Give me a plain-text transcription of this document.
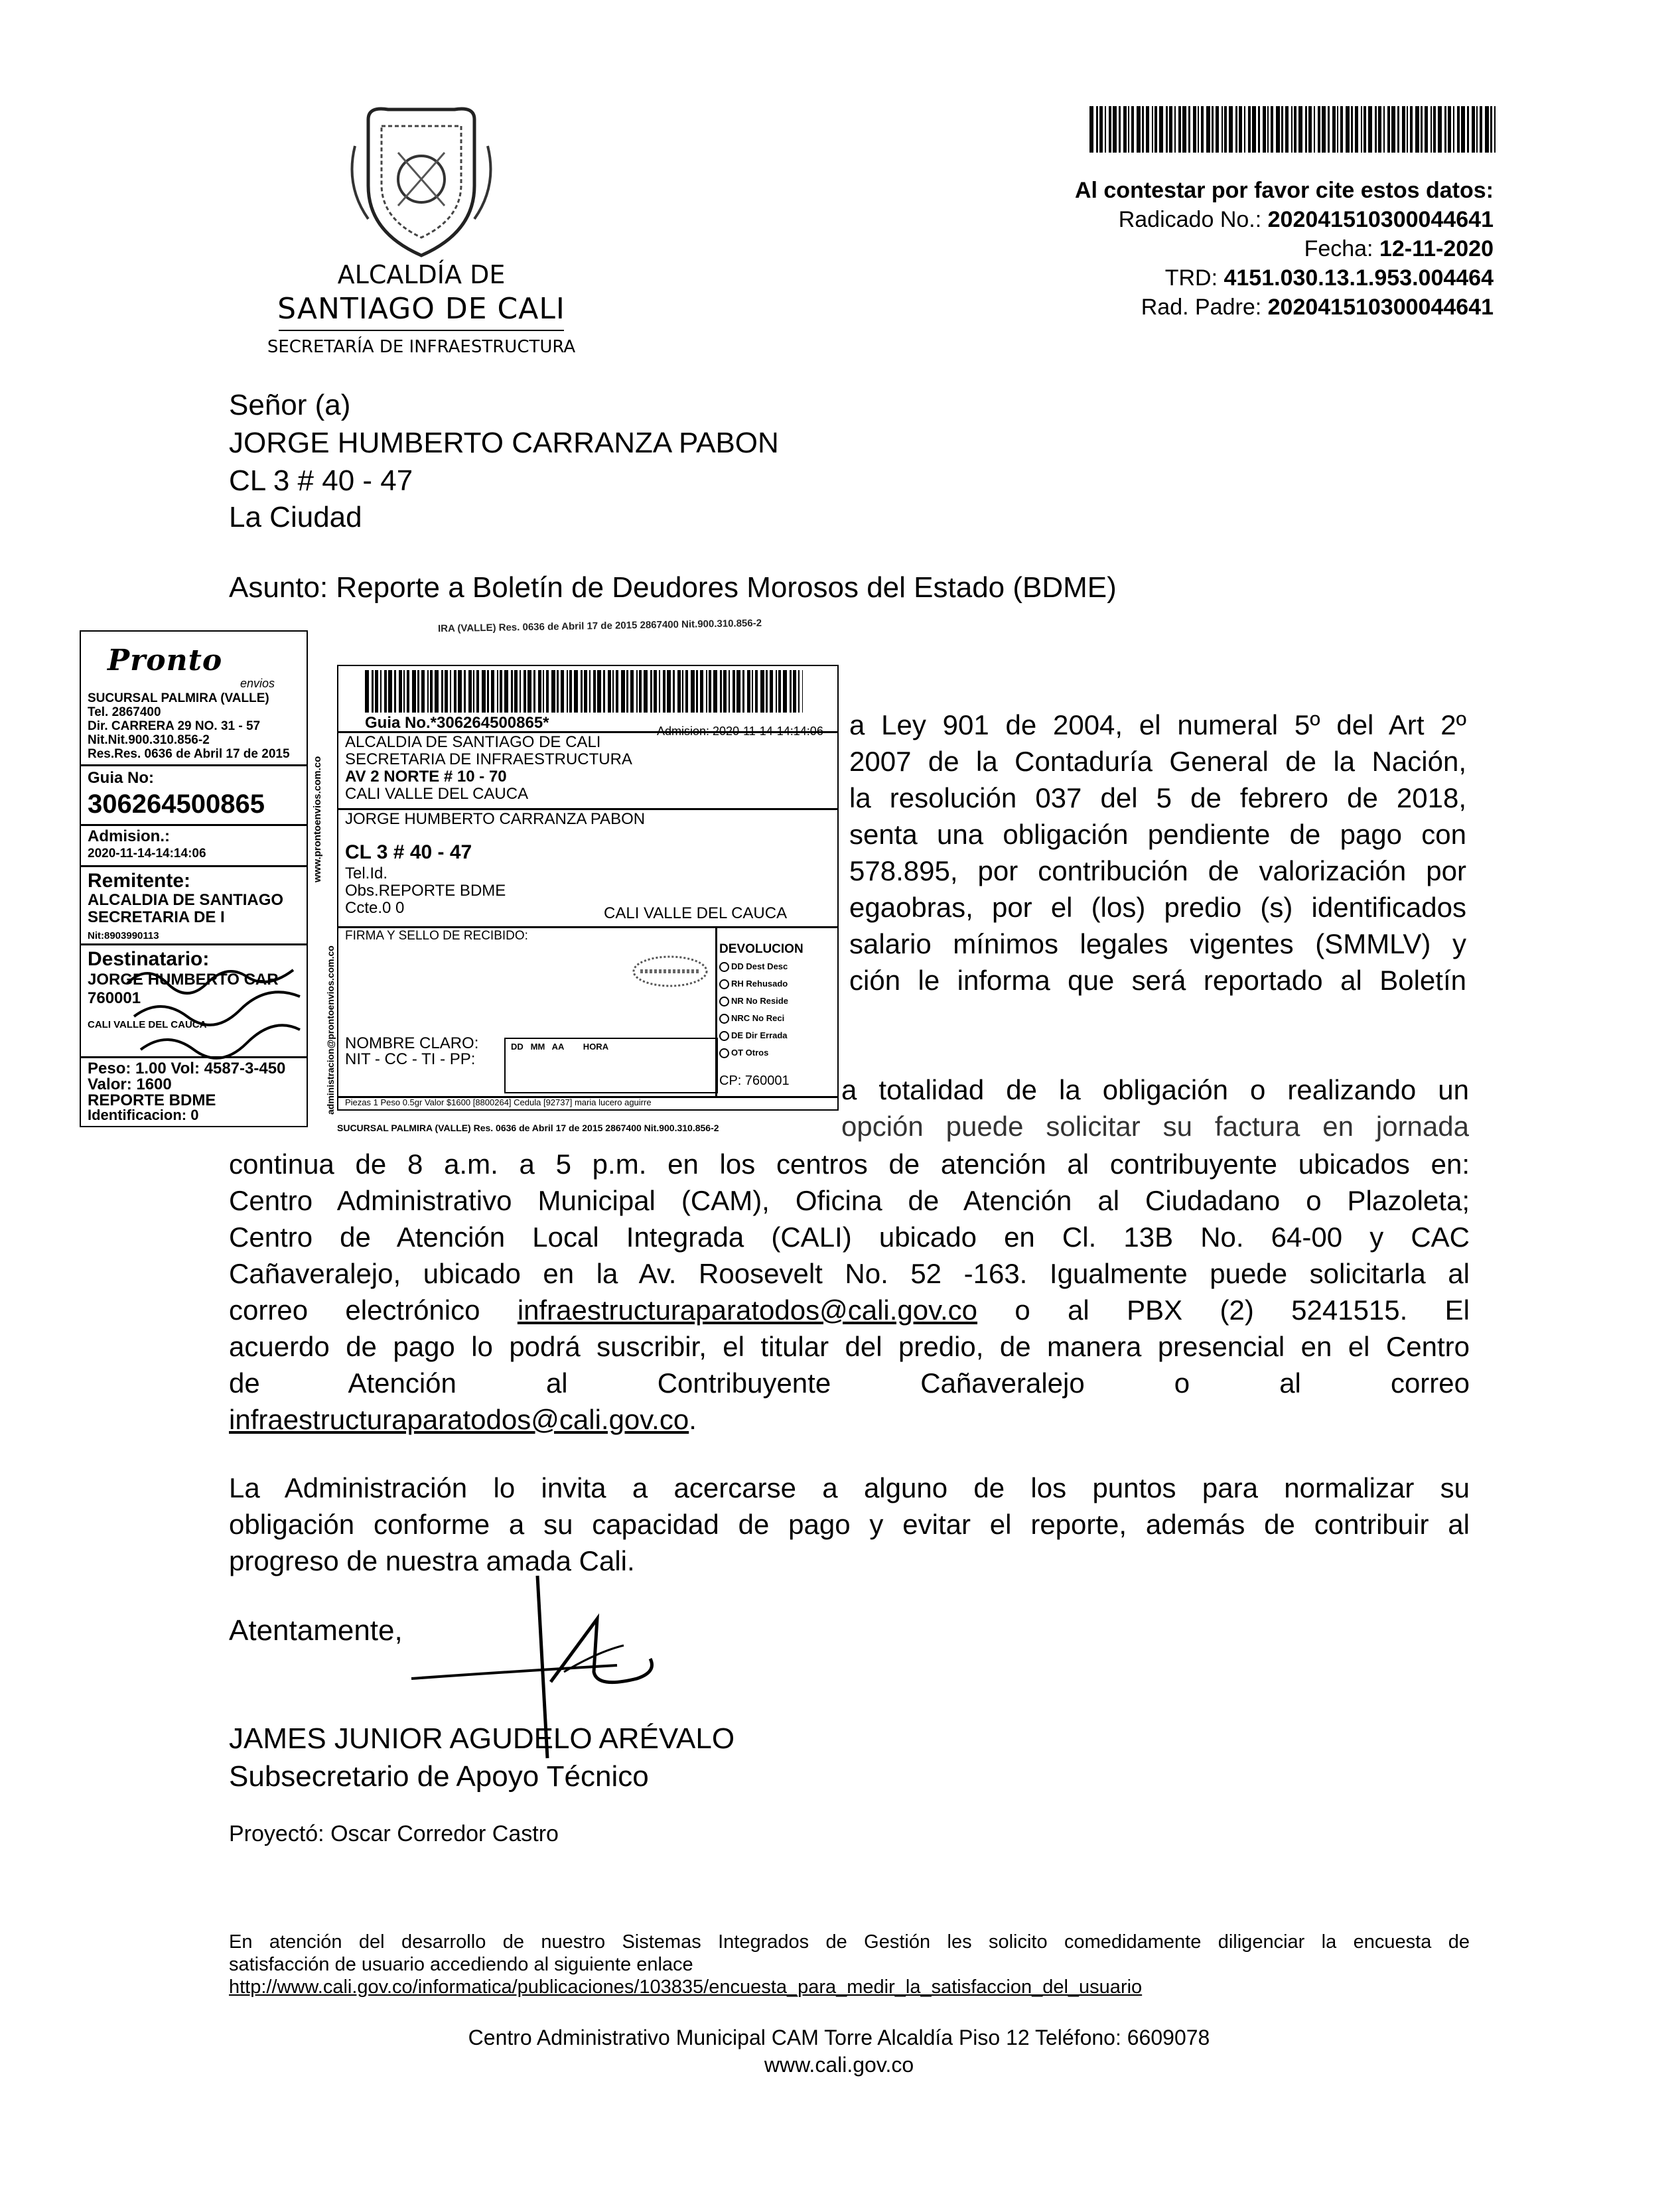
ALCALDÍA DE
SANTIAGO DE CALI
SECRETARÍA DE INFRAESTRUCTURA
Al contestar por favor cite estos datos:
Radicado No.: 202041510300044641
Fecha: 12-11-2020
TRD: 4151.030.13.1.953.004464
Rad. Padre: 202041510300044641
Señor (a)
JORGE HUMBERTO CARRANZA PABON
CL 3 # 40 - 47
La Ciudad
Asunto: Reporte a Boletín de Deudores Morosos del Estado (BDME)
a Ley 901 de 2004, el numeral 5º del Art 2º
2007 de la Contaduría General de la Nación,
la resolución 037 del 5 de febrero de 2018,
senta una obligación pendiente de pago con
578.895, por contribución de valorización por
egaobras, por el (los) predio (s) identificados
salario mínimos legales vigentes (SMMLV) y
ción le informa que será reportado al Boletín
a totalidad de la obligación o realizando un
opción puede solicitar su factura en jornada
continua de 8 a.m. a 5 p.m. en los centros de atención al contribuyente ubicados en:
Centro Administrativo Municipal (CAM), Oficina de Atención al Ciudadano o Plazoleta;
Centro de Atención Local Integrada (CALI) ubicado en Cl. 13B No. 64-00 y CAC
Cañaveralejo, ubicado en la Av. Roosevelt No. 52 -163. Igualmente puede solicitarla al
correo electrónico infraestructuraparatodos@cali.gov.co o al PBX (2) 5241515. El
acuerdo de pago lo podrá suscribir, el titular del predio, de manera presencial en el Centro
de Atención al Contribuyente Cañaveralejo o al correo
infraestructuraparatodos@cali.gov.co.
La Administración lo invita a acercarse a alguno de los puntos para normalizar su
obligación conforme a su capacidad de pago y evitar el reporte, además de contribuir al
progreso de nuestra amada Cali.
Atentamente,
JAMES JUNIOR AGUDELO ARÉVALO
Subsecretario de Apoyo Técnico
Proyectó: Oscar Corredor Castro
En atención del desarrollo de nuestro Sistemas Integrados de Gestión les solicito comedidamente diligenciar la encuesta de
satisfacción de usuario accediendo al siguiente enlace
http://www.cali.gov.co/informatica/publicaciones/103835/encuesta_para_medir_la_satisfaccion_del_usuario
Centro Administrativo Municipal CAM Torre Alcaldía Piso 12 Teléfono: 6609078
www.cali.gov.co
IRA (VALLE) Res. 0636 de Abril 17 de 2015 2867400 Nit.900.310.856-2
Pronto
envios
SUCURSAL PALMIRA (VALLE)
Tel. 2867400
Dir. CARRERA 29 NO. 31 - 57
Nit.Nit.900.310.856-2
Res.Res. 0636 de Abril 17 de 2015
Guia No:
306264500865
Admision.:
2020-11-14-14:14:06
Remitente:
ALCALDIA DE SANTIAGO
SECRETARIA DE I
Nit:8903990113
Destinatario:
JORGE HUMBERTO CAR
760001
CALI VALLE DEL CAUCA
Peso: 1.00 Vol: 4587-3-450
Valor: 1600
REPORTE BDME
Identificacion: 0
www.prontoenvios.com.co
Guia No.*306264500865*	Admision: 2020-11-14-14:14:06
ALCALDIA DE SANTIAGO DE CALI
SECRETARIA DE INFRAESTRUCTURA
AV 2 NORTE # 10 - 70
CALI VALLE DEL CAUCA
JORGE HUMBERTO CARRANZA PABON
CL 3 # 40 - 47
Tel.Id.
Obs.REPORTE BDME
Ccte.0 0	CALI VALLE DEL CAUCA
FIRMA Y SELLO DE RECIBIDO:
DEVOLUCION
DD Dest Desc
RH Rehusado
NR No Reside
NRC No Reci
DE Dir Errada
OT Otros
CP: 760001
NOMBRE CLARO:
NIT - CC - TI - PP:
DD   MM   AA        HORA
Piezas 1 Peso 0.5gr Valor $1600 [8800264] Cedula [92737] maria lucero aguirre
SUCURSAL PALMIRA (VALLE) Res. 0636 de Abril 17 de 2015 2867400 Nit.900.310.856-2
administracion@prontoenvios.com.co
